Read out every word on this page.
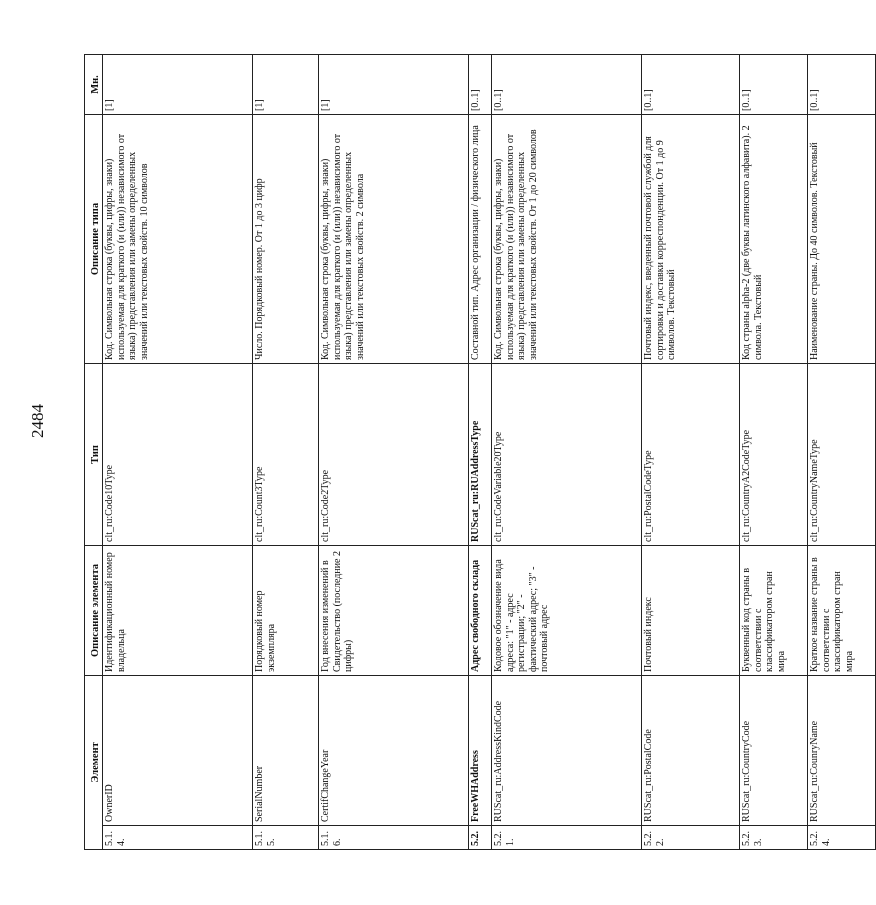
2484
Элемент		Описание элемента	Тип	Описание типа	Мн.
5.1.4.	OwnerID	Идентификационный номер владельца	clt_ru:Code10Type	Код. Символьная строка (буквы, цифры, знаки) используемая для краткого (и (или)) независимого от языка) представления или замены определенных значений или текстовых свойств. 10 символов	[1]
5.1.5.	SerialNumber	Порядковый номер экземпляра	clt_ru:Count3Type	Число. Порядковый номер. От 1 до 3 цифр	[1]
5.1.6.	CertifChangeYear	Год внесения изменений в Свидетельство (последние 2 цифры)	clt_ru:Code2Type	Код. Символьная строка (буквы, цифры, знаки) используемая для краткого (и (или)) независимого от языка) представления или замены определенных значений или текстовых свойств. 2 символа	[1]
5.2.	FreeWHAddress	Адрес свободного склада	RUScat_ru:RUAddressType	Составной тип. Адрес организации / физического лица	[0..1]
5.2.1.	RUScat_ru:AddressKindCode	Кодовое обозначение вида адреса: "1" - адрес регистрации; "2" - фактический адрес; "3" - почтовый адрес	clt_ru:CodeVariable20Type	Код. Символьная строка (буквы, цифры, знаки) используемая для краткого (и (или)) независимого от языка) представления или замены определенных значений или текстовых свойств. От 1 до 20 символов	[0..1]
5.2.2.	RUScat_ru:PostalCode	Почтовый индекс	clt_ru:PostalCodeType	Почтовый индекс, введенный почтовой службой для сортировки и доставки корреспонденции. От 1 до 9 символов. Текстовый	[0..1]
5.2.3.	RUScat_ru:CountryCode	Буквенный код страны в соответствии с классификатором стран мира	clt_ru:CountryA2CodeType	Код страны alpha-2 (две буквы латинского алфавита). 2 символа. Текстовый	[0..1]
5.2.4.	RUScat_ru:CounryName	Краткое название страны в соответствии с классификатором стран мира	clt_ru:CountryNameType	Наименование страны. До 40 символов. Текстовый	[0..1]
